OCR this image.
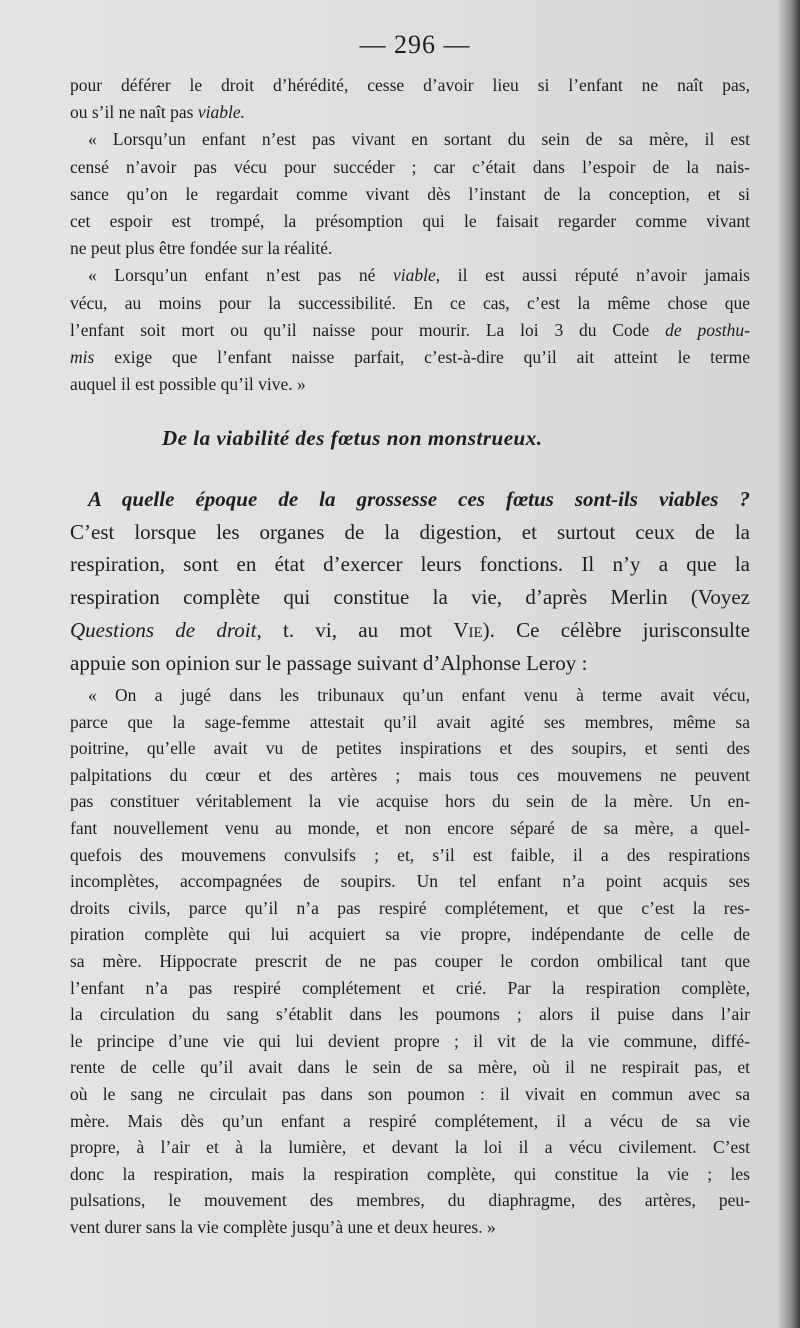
— 296 —
pour déférer le droit d’hérédité, cesse d’avoir lieu si l’enfant ne naît pas,
ou s’il ne naît pas viable.
« Lorsqu’un enfant n’est pas vivant en sortant du sein de sa mère, il est
censé n’avoir pas vécu pour succéder ; car c’était dans l’espoir de la nais-
sance qu’on le regardait comme vivant dès l’instant de la conception, et si
cet espoir est trompé, la présomption qui le faisait regarder comme vivant
ne peut plus être fondée sur la réalité.
« Lorsqu’un enfant n’est pas né viable, il est aussi réputé n’avoir jamais
vécu, au moins pour la successibilité. En ce cas, c’est la même chose que
l’enfant soit mort ou qu’il naisse pour mourir. La loi 3 du Code de posthu-
mis exige que l’enfant naisse parfait, c’est-à-dire qu’il ait atteint le terme
auquel il est possible qu’il vive. »
De la viabilité des fœtus non monstrueux.
A quelle époque de la grossesse ces fœtus sont-ils viables ?
C’est lorsque les organes de la digestion, et surtout ceux de la
respiration, sont en état d’exercer leurs fonctions. Il n’y a que la
respiration complète qui constitue la vie, d’après Merlin (Voyez
Questions de droit, t. vi, au mot Vie). Ce célèbre jurisconsulte
appuie son opinion sur le passage suivant d’Alphonse Leroy :
« On a jugé dans les tribunaux qu’un enfant venu à terme avait vécu,
parce que la sage-femme attestait qu’il avait agité ses membres, même sa
poitrine, qu’elle avait vu de petites inspirations et des soupirs, et senti des
palpitations du cœur et des artères ; mais tous ces mouvemens ne peuvent
pas constituer véritablement la vie acquise hors du sein de la mère. Un en-
fant nouvellement venu au monde, et non encore séparé de sa mère, a quel-
quefois des mouvemens convulsifs ; et, s’il est faible, il a des respirations
incomplètes, accompagnées de soupirs. Un tel enfant n’a point acquis ses
droits civils, parce qu’il n’a pas respiré complétement, et que c’est la res-
piration complète qui lui acquiert sa vie propre, indépendante de celle de
sa mère. Hippocrate prescrit de ne pas couper le cordon ombilical tant que
l’enfant n’a pas respiré complétement et crié. Par la respiration complète,
la circulation du sang s’établit dans les poumons ; alors il puise dans l’air
le principe d’une vie qui lui devient propre ; il vit de la vie commune, diffé-
rente de celle qu’il avait dans le sein de sa mère, où il ne respirait pas, et
où le sang ne circulait pas dans son poumon : il vivait en commun avec sa
mère. Mais dès qu’un enfant a respiré complétement, il a vécu de sa vie
propre, à l’air et à la lumière, et devant la loi il a vécu civilement. C’est
donc la respiration, mais la respiration complète, qui constitue la vie ; les
pulsations, le mouvement des membres, du diaphragme, des artères, peu-
vent durer sans la vie complète jusqu’à une et deux heures. »
